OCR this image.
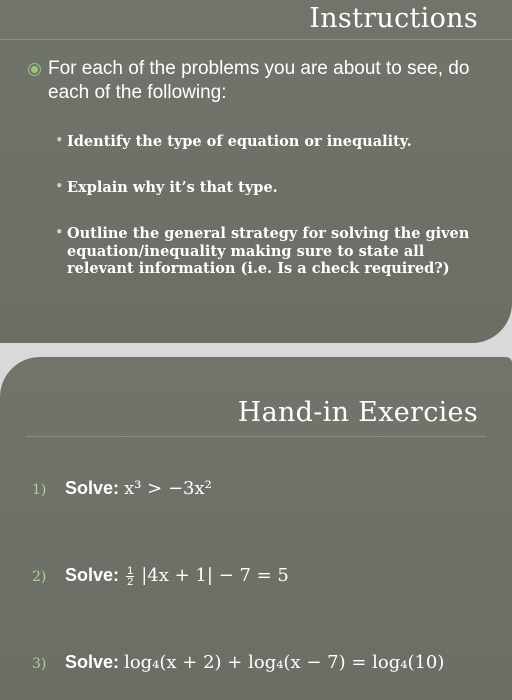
Instructions
For each of the problems you are about to see, do each of the following:
• Identify the type of equation or inequality.
• Explain why it’s that type.
• Outline the general strategy for solving the given equation/inequality making sure to state all relevant information (i.e. Is a check required?)
Hand-in Exercies
1) Solve: x³ > −3x²
2) Solve: $\frac{1}{2} |4x + 1| - 7 = 5$
3) Solve: log₄(x + 2) + log₄(x − 7) = log₄(10)
